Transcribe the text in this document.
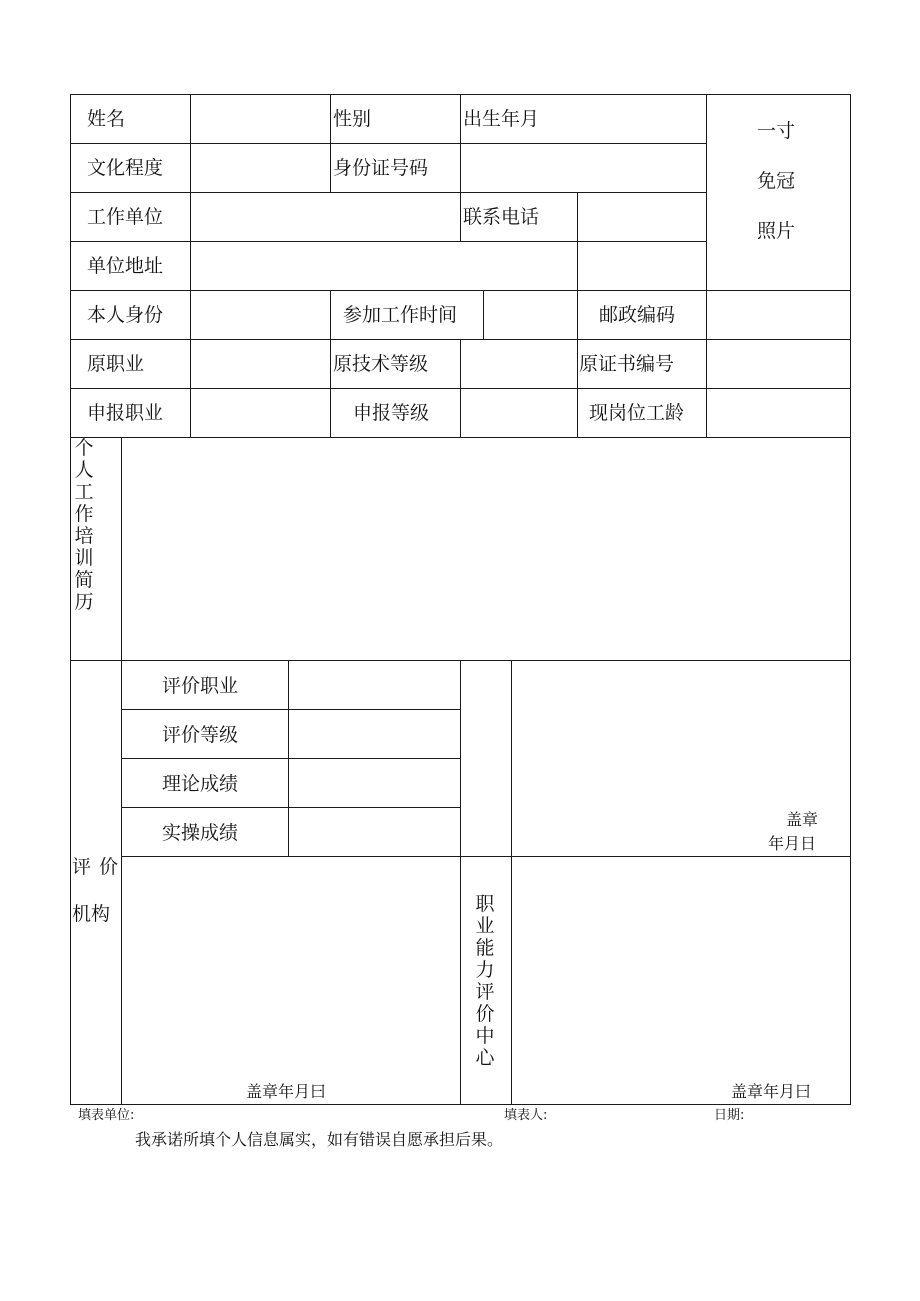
姓名	性别	出生年月
文化程度	身份证号码
工作单位	联系电话
单位地址
一寸
免冠
照片
本人身份	参加工作时间	邮政编码
原职业	原技术等级	原证书编号
申报职业	申报等级	现岗位工龄
个人工作培训简历
评价
机构
评价职业
评价等级
理论成绩
实操成绩
盖章
年月日
盖章年月曰
职业能力评价中心
盖章年月曰
填表单位:	填表人:	日期:
我承诺所填个人信息属实，如有错误自愿承担后果。
